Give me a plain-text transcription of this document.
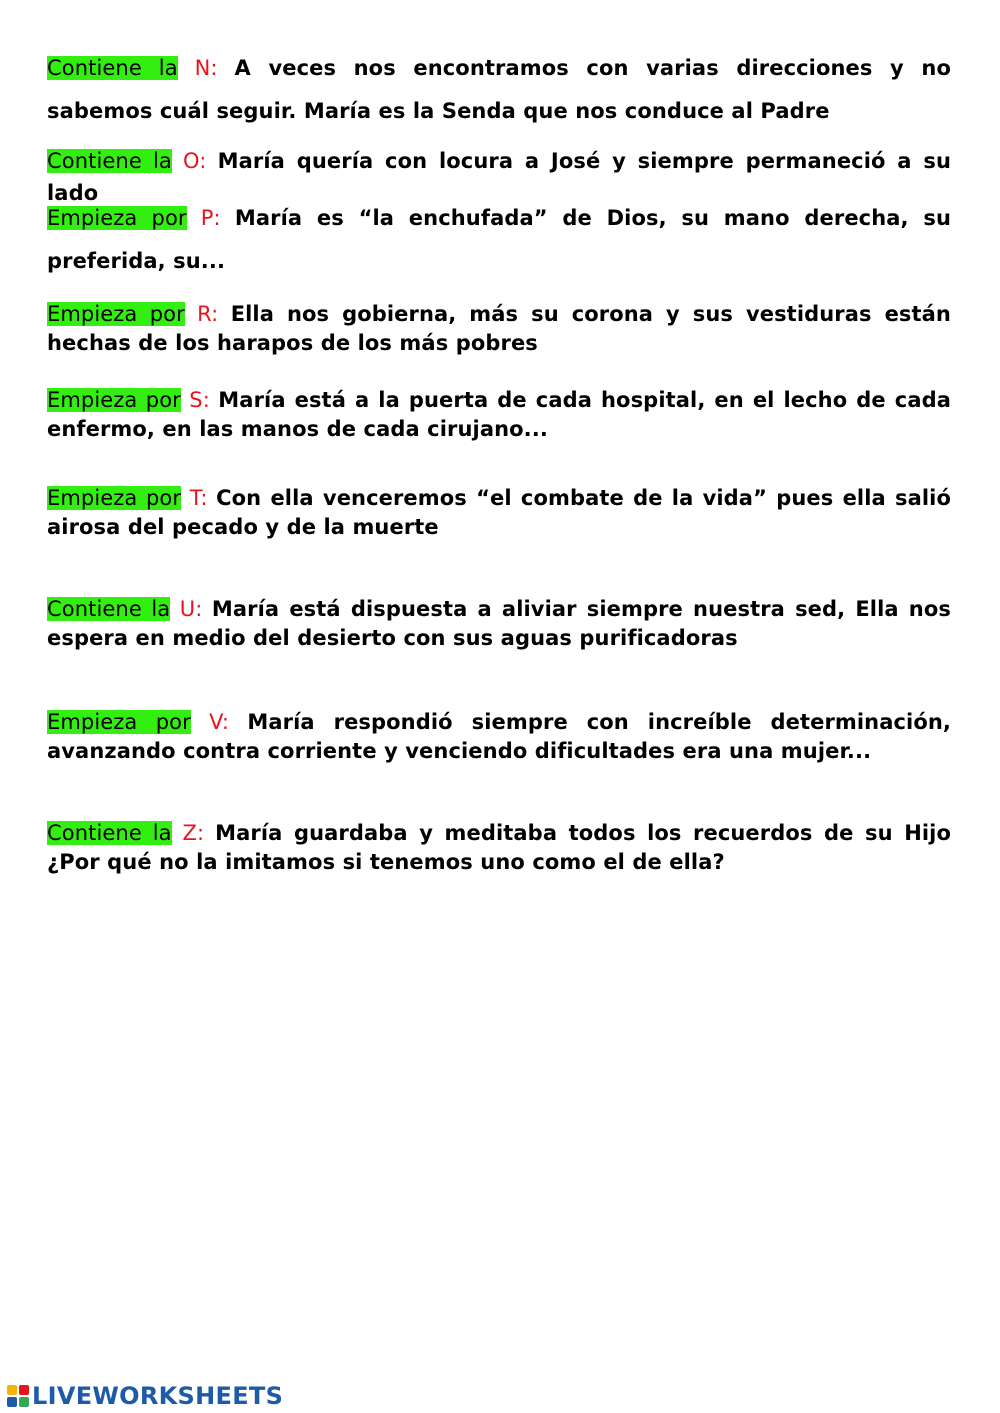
Contiene la N: A veces nos encontramos con varias direcciones y no sabemos cuál seguir. María es la Senda que nos conduce al Padre

Contiene la O: María quería con locura a José y siempre permaneció a su lado

Empieza por P: María es “la enchufada” de Dios, su mano derecha, su preferida, su...

Empieza por R: Ella nos gobierna, más su corona y sus vestiduras están hechas de los harapos de los más pobres

Empieza por S: María está a la puerta de cada hospital, en el lecho de cada enfermo, en las manos de cada cirujano...

Empieza por T: Con ella venceremos “el combate de la vida” pues ella salió airosa del pecado y de la muerte

Contiene la U: María está dispuesta a aliviar siempre nuestra sed, Ella nos espera en medio del desierto con sus aguas purificadoras

Empieza por V: María respondió siempre con increíble determinación, avanzando contra corriente y venciendo dificultades era una mujer...

Contiene la Z: María guardaba y meditaba todos los recuerdos de su Hijo ¿Por qué no la imitamos si tenemos uno como el de ella?

LIVEWORKSHEETS
